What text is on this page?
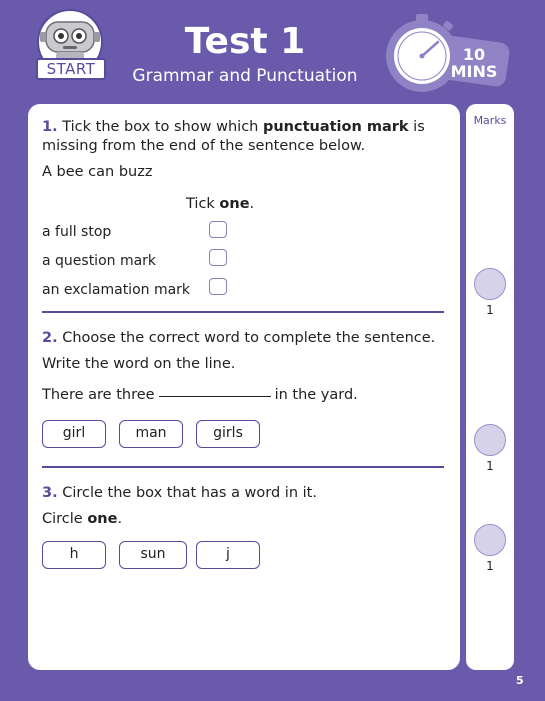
START
Test 1
Grammar and Punctuation
10
MINS
1. Tick the box to show which punctuation mark is missing from the end of the sentence below.
A bee can buzz
Tick one.
a full stop
a question mark
an exclamation mark
2. Choose the correct word to complete the sentence.
Write the word on the line.
There are three	in the yard.
girl	man	girls
3. Circle the box that has a word in it.
Circle one.
h	sun	j
Marks
1
1
1
5
